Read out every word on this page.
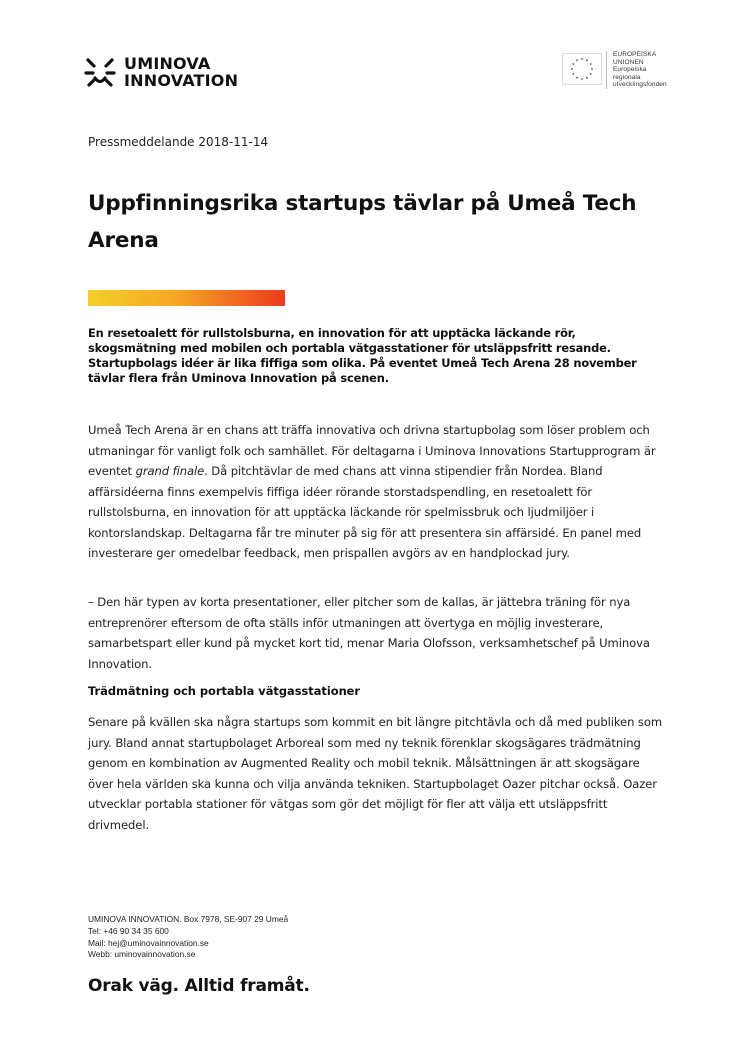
UMINOVA
INNOVATION
EUROPEISKA
UNIONEN
Europeiska
regionala
utvecklingsfonden
Pressmeddelande 2018-11-14
Uppfinningsrika startups tävlar på Umeå Tech Arena

En resetoalett för rullstolsburna, en innovation för att upptäcka läckande rör, skogsmätning med mobilen och portabla vätgasstationer för utsläppsfritt resande. Startupbolags idéer är lika fiffiga som olika. På eventet Umeå Tech Arena 28 november tävlar flera från Uminova Innovation på scenen.

Umeå Tech Arena är en chans att träffa innovativa och drivna startupbolag som löser problem och utmaningar för vanligt folk och samhället. För deltagarna i Uminova Innovations Startupprogram är eventet grand finale. Då pitchtävlar de med chans att vinna stipendier från Nordea. Bland affärsidéerna finns exempelvis fiffiga idéer rörande storstadspendling, en resetoalett för rullstolsburna, en innovation för att upptäcka läckande rör spelmissbruk och ljudmiljöer i kontorslandskap. Deltagarna får tre minuter på sig för att presentera sin affärsidé. En panel med investerare ger omedelbar feedback, men prispallen avgörs av en handplockad jury.

– Den här typen av korta presentationer, eller pitcher som de kallas, är jättebra träning för nya entreprenörer eftersom de ofta ställs inför utmaningen att övertyga en möjlig investerare, samarbetspart eller kund på mycket kort tid, menar Maria Olofsson, verksamhetschef på Uminova Innovation.

Trädmätning och portabla vätgasstationer

Senare på kvällen ska några startups som kommit en bit längre pitchtävla och då med publiken som jury. Bland annat startupbolaget Arboreal som med ny teknik förenklar skogsägares trädmätning genom en kombination av Augmented Reality och mobil teknik. Målsättningen är att skogsägare över hela världen ska kunna och vilja använda tekniken. Startupbolaget Oazer pitchar också. Oazer utvecklar portabla stationer för vätgas som gör det möjligt för fler att välja ett utsläppsfritt drivmedel.

UMINOVA INNOVATION. Box 7978, SE-907 29 Umeå
Tel: +46 90 34 35 600
Mail: hej@uminovainnovation.se
Webb: uminovainnovation.se
Orak väg. Alltid framåt.
